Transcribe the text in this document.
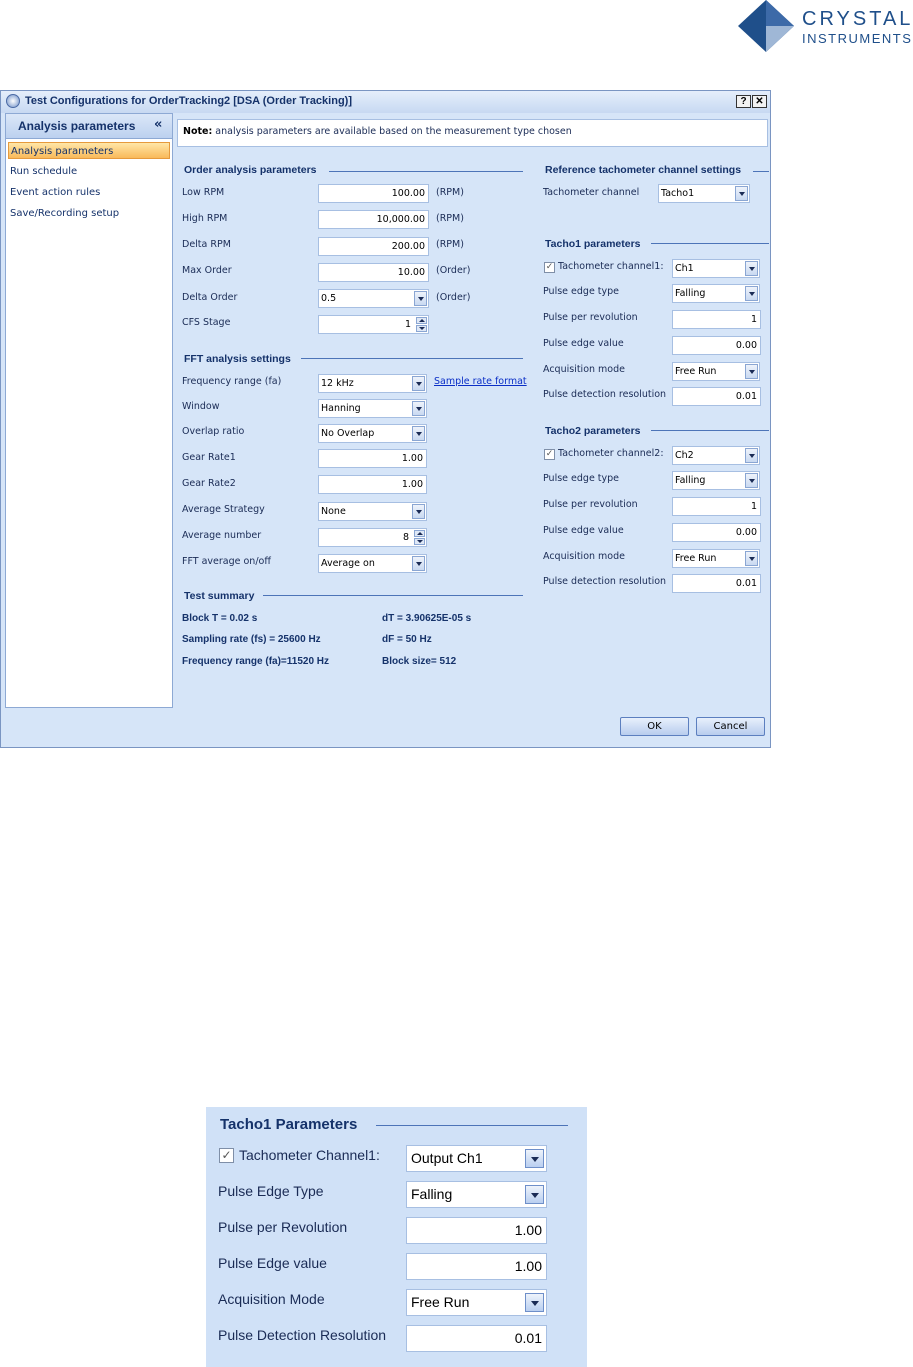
CRYSTAL
INSTRUMENTS
Test Configurations for OrderTracking2 [DSA (Order Tracking)]	? ✕
Analysis parameters «
Analysis parameters
Run schedule
Event action rules
Save/Recording setup
Note: analysis parameters are available based on the measurement type chosen
Order analysis parameters
Low RPM	100.00	(RPM)
High RPM	10,000.00	(RPM)
Delta RPM	200.00	(RPM)
Max Order	10.00	(Order)
Delta Order	0.5	(Order)
CFS Stage	1
FFT analysis settings
Frequency range (fa)	12 kHz	Sample rate format
Window	Hanning
Overlap ratio	No Overlap
Gear Rate1	1.00
Gear Rate2	1.00
Average Strategy	None
Average number	8
FFT average on/off	Average on
Test summary
Block T = 0.02 s	dT = 3.90625E-05 s
Sampling rate (fs) = 25600 Hz	dF = 50 Hz
Frequency range (fa)=11520 Hz	Block size= 512
Reference tachometer channel settings
Tachometer channel	Tacho1
Tacho1 parameters
✓ Tachometer channel1:	Ch1
Pulse edge type	Falling
Pulse per revolution	1
Pulse edge value	0.00
Acquisition mode	Free Run
Pulse detection resolution	0.01
Tacho2 parameters
✓ Tachometer channel2:	Ch2
Pulse edge type	Falling
Pulse per revolution	1
Pulse edge value	0.00
Acquisition mode	Free Run
Pulse detection resolution	0.01
OK	Cancel
Tacho1 Parameters
✓ Tachometer Channel1:	Output Ch1
Pulse Edge Type	Falling
Pulse per Revolution	1.00
Pulse Edge value	1.00
Acquisition Mode	Free Run
Pulse Detection Resolution	0.01
